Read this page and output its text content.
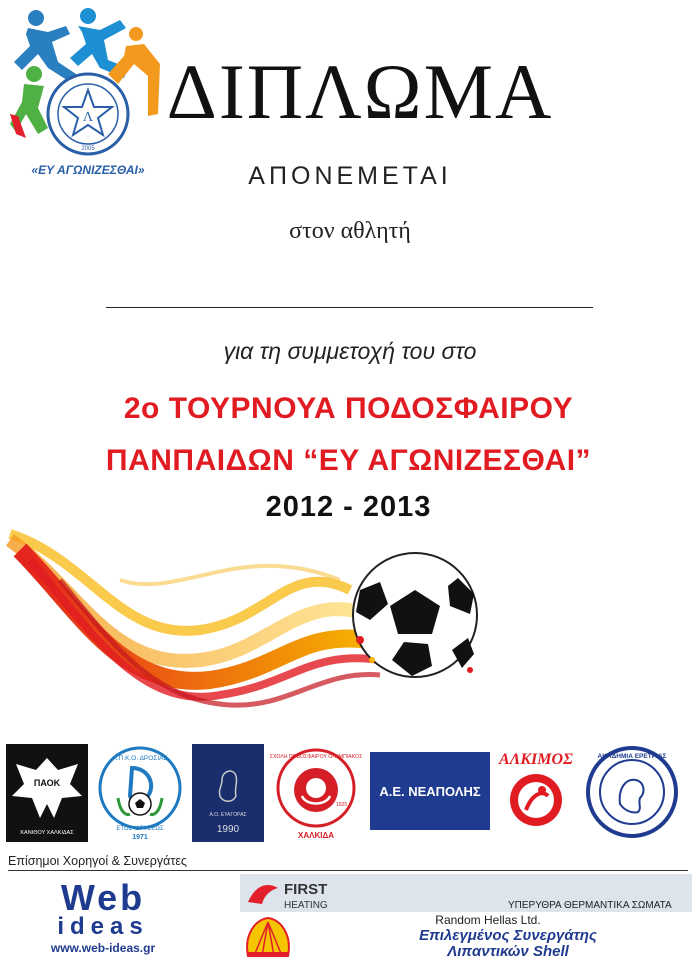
Λ
2005
«ΕΥ ΑΓΩΝΙΖΕΣΘΑΙ»
ΔΙΠΛΩΜΑ
ΑΠΟΝΕΜΕΤΑΙ
στον αθλητή
για τη συμμετοχή του στο
2ο ΤΟΥΡΝΟΥΑ ΠΟΔΟΣΦΑΙΡΟΥ
ΠΑΝΠΑΙΔΩΝ “ΕΥ ΑΓΩΝΙΖΕΣΘΑΙ”
2012 - 2013
ΠΑΟΚ
ΚΑΝΙΘΟΥ ΧΑΛΚΙΔΑΣ
Α.Π.Κ.Ο. ΔΡΟΣΙΑΣ
ΕΤΟΣ ΙΔΡΥΣΕΩΣ
1971
Α.Ο. ΕΥΑΓΟΡΑΣ
1990
ΣΧΟΛΗ ΠΟΔΟΣΦΑΙΡΟΥ ΟΛΥΜΠΙΑΚΟΣ
1925
ΧΑΛΚΙΔΑ
Α.Ε. ΝΕΑΠΟΛΗΣ
ΑΛΚΙΜΟΣ	ΑΚΑΔΗΜΙΑ ΕΡΕΤΡΙΑΣ
Επίσημοι Χορηγοί & Συνεργάτες
Web
ideas
www.web-ideas.gr
FIRST
HEATING	ΥΠΕΡΥΘΡΑ ΘΕΡΜΑΝΤΙΚΑ ΣΩΜΑΤΑ
Random Hellas Ltd.
Επιλεγμένος Συνεργάτης
Λιπαντικών Shell
